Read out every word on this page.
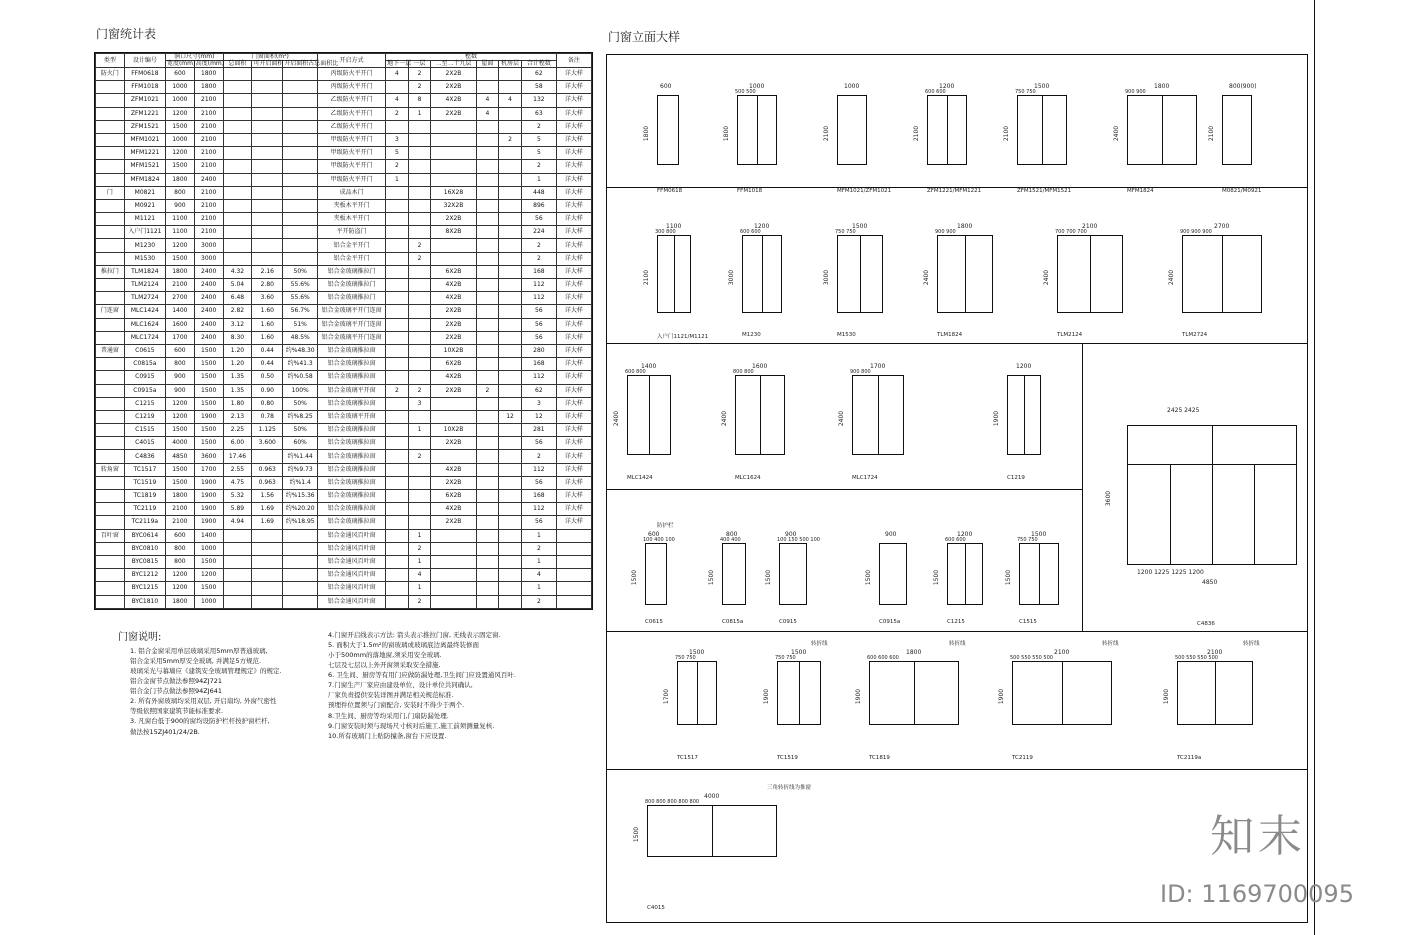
门窗统计表	门窗立面大样
类型	设计编号	洞口尺寸(mm)		门窗面积(m²)			开启方式	樘数						备注
		宽度(mm)	高度(mm)	总面积	可开启面积	开启面积占总面积比		地下一层	一层	二至二十九层	屋面	机房层	合计樘数	
防火门	FFM0618	600	1800				丙级防火平开门	4	2	2X2B			62	详大样
	FFM1018	1000	1800				丙级防火平开门		2	2X2B			58	详大样
	ZFM1021	1000	2100				乙级防火平开门	4	8	4X2B	4	4	132	详大样
	ZFM1221	1200	2100				乙级防火平开门	2	1	2X2B	4		63	详大样
	ZFM1521	1500	2100				乙级防火平开门						2	详大样
	MFM1021	1000	2100				甲级防火平开门	3				2	5	详大样
	MFM1221	1200	2100				甲级防火平开门	5					5	详大样
	MFM1521	1500	2100				甲级防火平开门	2					2	详大样
	MFM1824	1800	2400				甲级防火平开门	1					1	详大样
门	M0821	800	2100				成品木门			16X28			448	详大样
	M0921	900	2100				夹板木平开门			32X2B			896	详大样
	M1121	1100	2100				夹板木平开门			2X2B			56	详大样
	入户门1121	1100	2100				平开防盗门			8X2B			224	详大样
	M1230	1200	3000				铝合金平开门		2				2	详大样
	M1530	1500	3000				铝合金平开门		2				2	详大样
推拉门	TLM1824	1800	2400	4.32	2.16	50%	铝合金玻璃推拉门			6X2B			168	详大样
	TLM2124	2100	2400	5.04	2.80	55.6%	铝合金玻璃推拉门			4X2B			112	详大样
	TLM2724	2700	2400	6.48	3.60	55.6%	铝合金玻璃推拉门			4X2B			112	详大样
门连窗	MLC1424	1400	2400	2.82	1.60	56.7%	铝合金玻璃平开门连窗			2X2B			56	详大样
	MLC1624	1600	2400	3.12	1.60	51%	铝合金玻璃平开门连窗			2X2B			56	详大样
	MLC1724	1700	2400	8.30	1.60	48.5%	铝合金玻璃平开门连窗			2X2B			56	详大样
普通窗	C0615	600	1500	1.20	0.44	约%48.30	铝合金玻璃推拉窗			10X2B			280	详大样
	C0815a	800	1500	1.20	0.44	约%41.3	铝合金玻璃推拉窗			6X2B			168	详大样
	C0915	900	1500	1.35	0.50	约%0.58	铝合金玻璃推拉窗			4X2B			112	详大样
	C0915a	900	1500	1.35	0.90	100%	铝合金玻璃平开窗	2	2	2X2B	2		62	详大样
	C1215	1200	1500	1.80	0.80	50%	铝合金玻璃推拉窗		3				3	详大样
	C1219	1200	1900	2.13	0.78	约%8.25	铝合金玻璃平开窗					12	12	详大样
	C1515	1500	1500	2.25	1.125	50%	铝合金玻璃推拉窗		1	10X2B			281	详大样
	C4015	4000	1500	6.00	3.600	60%	铝合金玻璃推拉窗			2X2B			56	详大样
	C4836	4850	3600	17.46		约%1.44	铝合金玻璃推拉窗		2				2	详大样
转角窗	TC1517	1500	1700	2.55	0.963	约%9.73	铝合金玻璃推拉窗			4X2B			112	详大样
	TC1519	1500	1900	4.75	0.963	约%1.4	铝合金玻璃推拉窗			2X2B			56	详大样
	TC1819	1800	1900	5.32	1.56	约%15.36	铝合金玻璃推拉窗			6X2B			168	详大样
	TC2119	2100	1900	5.89	1.69	约%20.20	铝合金玻璃推拉窗			4X2B			112	详大样
	TC2119a	2100	1900	4.94	1.69	约%18.95	铝合金玻璃推拉窗			2X2B			56	详大样
百叶窗	BYC0614	600	1400				铝合金通风百叶窗		1				1	
	BYC0810	800	1000				铝合金通风百叶窗		2				2	
	BYC0815	800	1500				铝合金通风百叶窗		1				1	
	BYC1212	1200	1200				铝合金通风百叶窗		4				4	
	BYC1215	1200	1500				铝合金通风百叶窗		1				1	
	BYC1810	1800	1000				铝合金通风百叶窗		2				2	
门窗说明:
1. 铝合金窗采用单层玻璃采用5mm厚普通玻璃,
铝合金采用5mm厚安全玻璃, 并满足5方规范.
玻璃采光与幕墙应《建筑安全玻璃管理规定》的规定.
铝合金窗节点做法参照94ZJ721
铝合金门节点做法参照94ZJ641
2. 所有外窗玻璃均采用双层, 开启扇均, 外窗气密性
等级依照国家建筑节能标准要求.
3. 凡窗台低于900的窗均设防护栏杆按护窗栏杆,
做法按15ZJ401/24/2B.
4.门窗开启线表示方法: 箭头表示推拉门窗, 无线表示固定窗.
5. 面积大于1.5m²的窗玻璃或玻璃底边离最终装修面
小于500mm的落地窗,须采用安全玻璃.
七层及七层以上外开窗须采取安全措施.
6. 卫生间、厨房等有用门应做防漏处理,卫生间门应设置通风百叶.
7.门窗生产厂家应由建设单位、设计单位共同确认,
厂家负责提供安装详图并满足相关规范标准.
预埋件位置须与门窗配合, 安装时不得少于两个.
8.卫生间、厨房等均采用门,门扇防漏处理.
9.门窗安装时须与现场尺寸核对后施工,施工前须测量复核.
10.所有玻璃门上贴防撞条,窗台下应设置.
600
1800
FFM0618
1000
500 500
1800
FFM1018
1000
2100
MFM1021/ZFM1021
1200
600 600
2100
ZFM1221/MFM1221
1500
750 750
2100
ZFM1521/MFM1521
1800
900 900
2400
MFM1824
800(900)
2100
M0821/M0921
1100
300 800
2100
入户门1121/M1121
1200
600 600
3000
M1230
1500
750 750
3000
M1530
1800
900 900
2400
TLM1824
2100
700 700 700
2400
TLM2124
2700
900 900 900
2400
TLM2724
1400
600 800
2400
MLC1424
1600
800 800
2400
MLC1624
1700
900 800
2400
MLC1724
1200
1900
C1219
600
100 400 100
1500
防护栏
C0615
800
400 400
1500
C0815a
900
100 150 500 100
1500
C0915
900
1500
C0915a
1200
600 600
1500
C1215
1500
750 750
1500
C1515
1500
750 750
1700
TC1517
1500
750 750
1900
转折线
TC1519
1800
600 600 600
1900
转折线
TC1819
2100
500 550 550 500
1900
转折线
TC2119
2100
500 550 550 500
1900
转折线
TC2119a
4000
800 800 800 800 800
1500
三角转折线为推窗
C4015
2425 2425
1200 1225 1225 1200
4850
3600
C4836
知末
ID: 1169700095
